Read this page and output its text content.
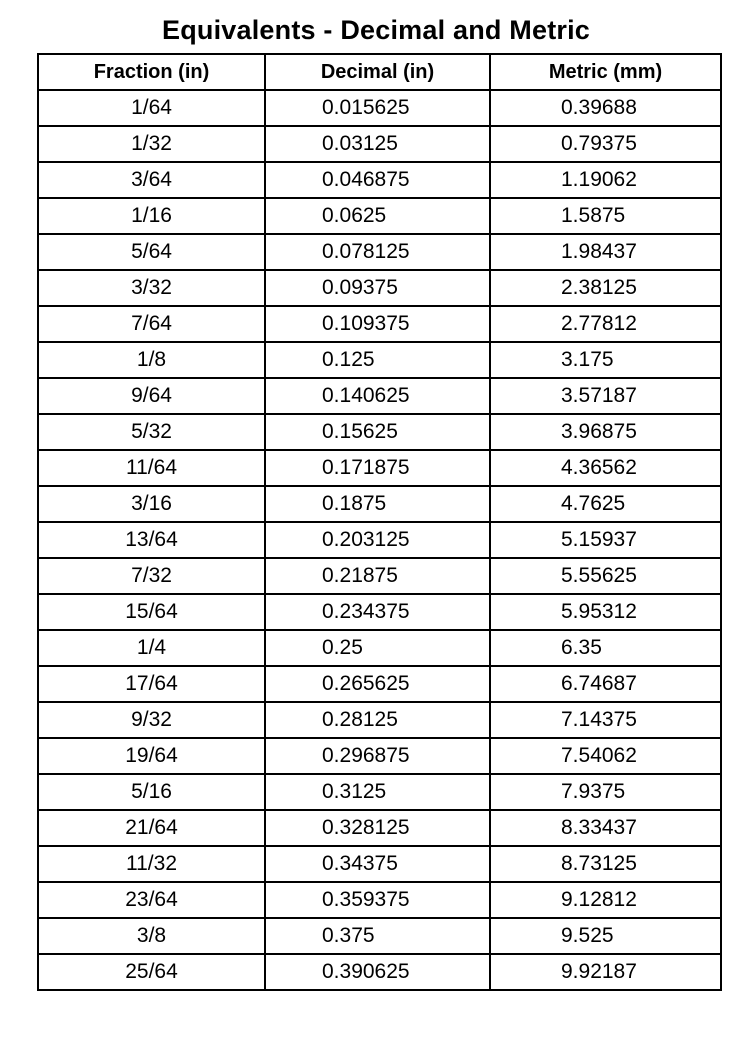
Equivalents - Decimal and Metric
Fraction (in)	Decimal (in)	Metric (mm)
1/64	0.015625	0.39688
1/32	0.03125	0.79375
3/64	0.046875	1.19062
1/16	0.0625	1.5875
5/64	0.078125	1.98437
3/32	0.09375	2.38125
7/64	0.109375	2.77812
1/8	0.125	3.175
9/64	0.140625	3.57187
5/32	0.15625	3.96875
11/64	0.171875	4.36562
3/16	0.1875	4.7625
13/64	0.203125	5.15937
7/32	0.21875	5.55625
15/64	0.234375	5.95312
1/4	0.25	6.35
17/64	0.265625	6.74687
9/32	0.28125	7.14375
19/64	0.296875	7.54062
5/16	0.3125	7.9375
21/64	0.328125	8.33437
11/32	0.34375	8.73125
23/64	0.359375	9.12812
3/8	0.375	9.525
25/64	0.390625	9.92187
